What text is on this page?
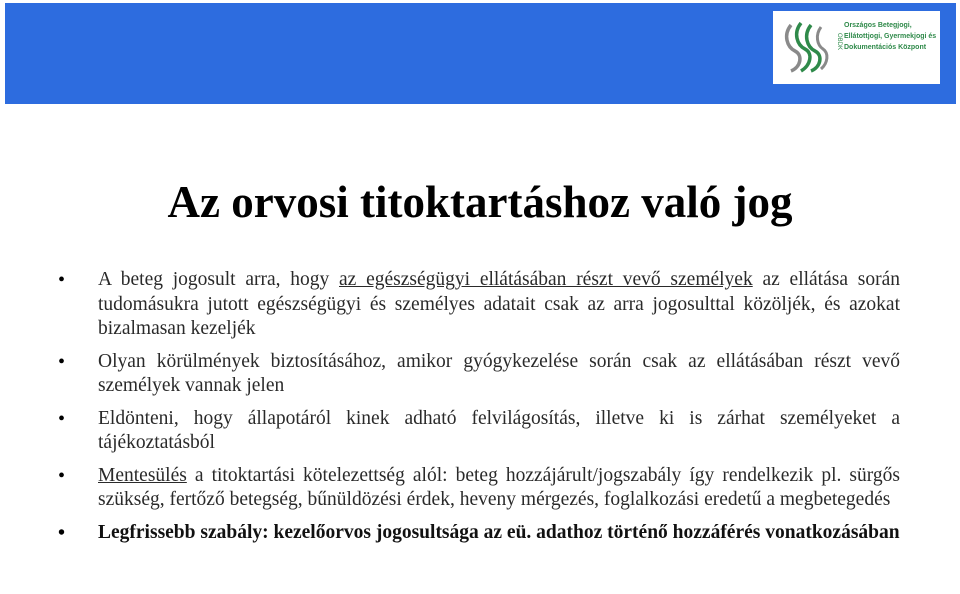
OBDK
Országos Betegjogi,
Ellátottjogi, Gyermekjogi és
Dokumentációs Központ
Az orvosi titoktartáshoz való jog
• A beteg jogosult arra, hogy az egészségügyi ellátásában részt vevő személyek az ellátása során tudomásukra jutott egészségügyi és személyes adatait csak az arra jogosulttal közöljék, és azokat bizalmasan kezeljék
• Olyan körülmények biztosításához, amikor gyógykezelése során csak az ellátásában részt vevő személyek vannak jelen
• Eldönteni, hogy állapotáról kinek adható felvilágosítás, illetve ki is zárhat személyeket a tájékoztatásból
• Mentesülés a titoktartási kötelezettség alól: beteg hozzájárult/jogszabály így rendelkezik pl. sürgős szükség, fertőző betegség, bűnüldözési érdek, heveny mérgezés, foglalkozási eredetű a megbetegedés
• Legfrissebb szabály: kezelőorvos jogosultsága az eü. adathoz történő hozzáférés vonatkozásában
